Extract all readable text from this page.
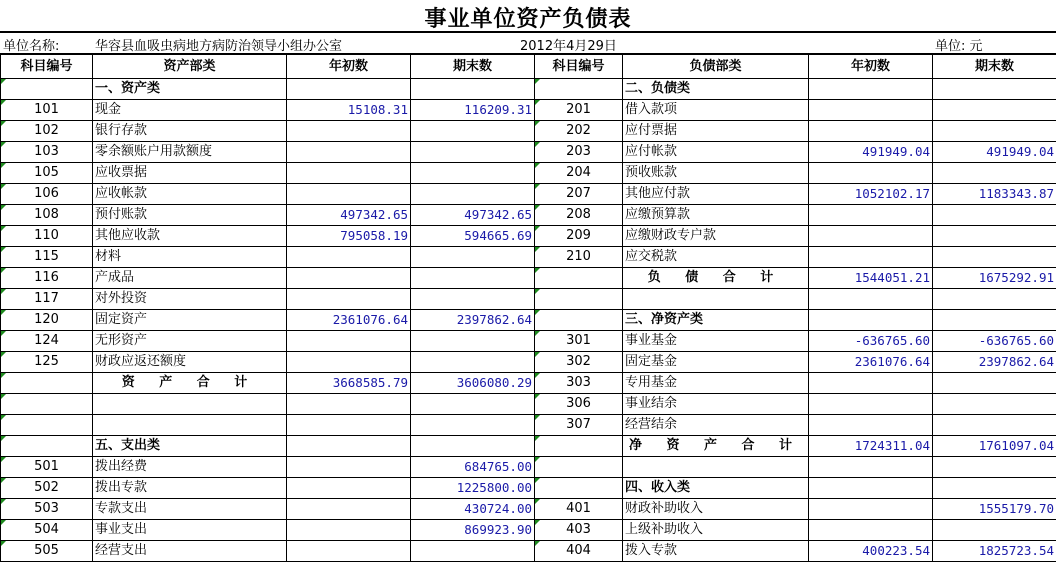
事业单位资产负债表
单位名称:	华容县血吸虫病地方病防治领导小组办公室	2012年4月29日	单位: 元
科目编号	资产部类	年初数	期末数	科目编号	负债部类	年初数	期末数
	一、资产类				二、负债类		
101	现金	15108.31	116209.31	201	借入款项		
102	银行存款			202	应付票据		
103	零余额账户用款额度			203	应付帐款	491949.04	491949.04
105	应收票据			204	预收账款		
106	应收帐款			207	其他应付款	1052102.17	1183343.87
108	预付账款	497342.65	497342.65	208	应缴预算款		
110	其他应收款	795058.19	594665.69	209	应缴财政专户款		
115	材料			210	应交税款		
116	产成品				负 债 合 计	1544051.21	1675292.91
117	对外投资						
120	固定资产	2361076.64	2397862.64		三、净资产类		
124	无形资产			301	事业基金	-636765.60	-636765.60
125	财政应返还额度			302	固定基金	2361076.64	2397862.64
	资 产 合 计	3668585.79	3606080.29	303	专用基金		
				306	事业结余		
				307	经营结余		
	五、支出类				净 资 产 合 计	1724311.04	1761097.04
501	拨出经费		684765.00				
502	拨出专款		1225800.00		四、收入类		
503	专款支出		430724.00	401	财政补助收入		1555179.70
504	事业支出		869923.90	403	上级补助收入		
505	经营支出			404	拨入专款	400223.54	1825723.54
